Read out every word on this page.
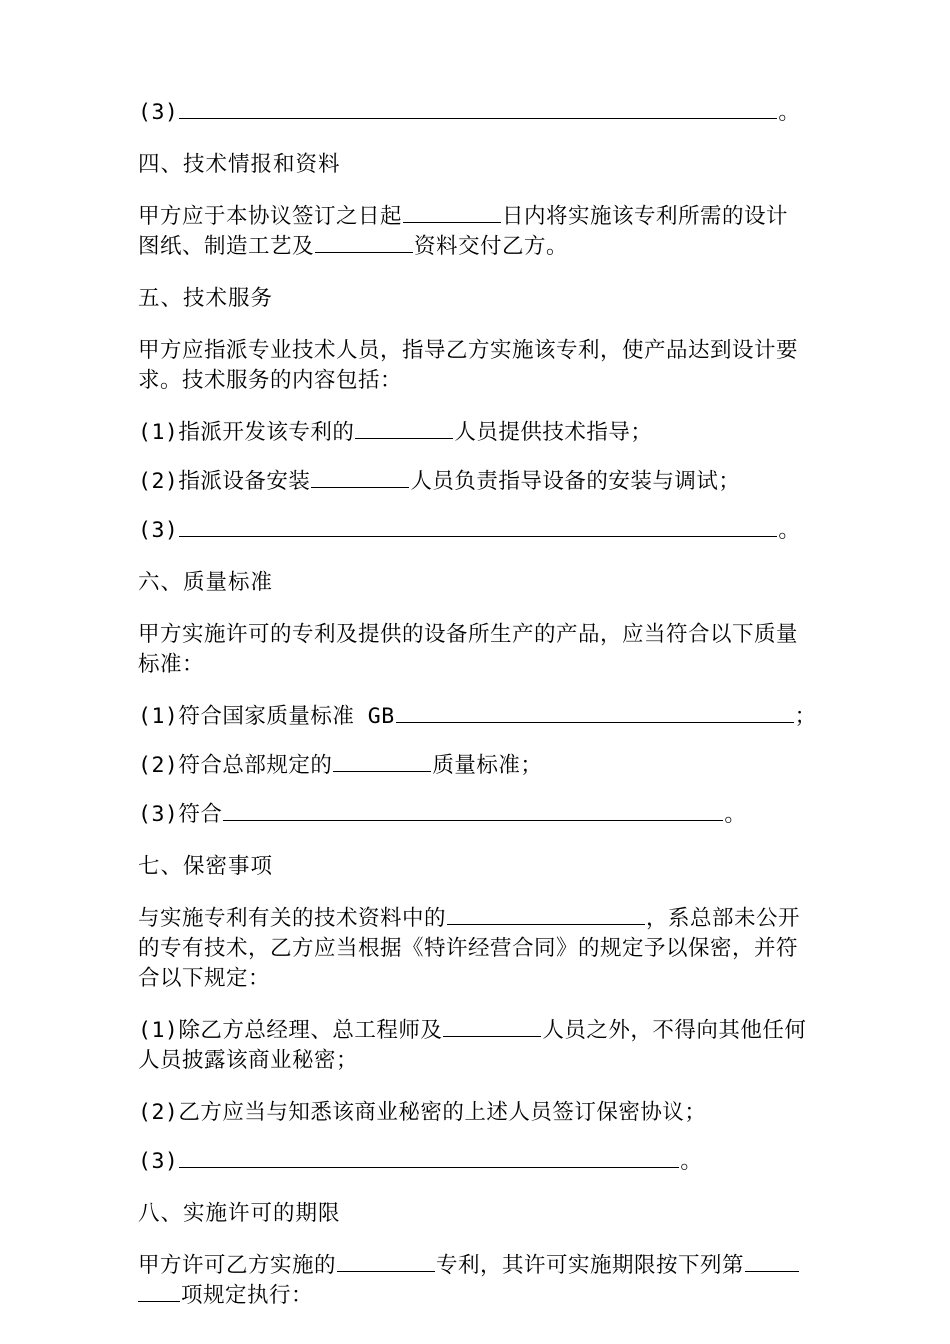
(3)	。

四、技术情报和资料

甲方应于本协议签订之日起	日内将实施该专利所需的设计

图纸、制造工艺及	资料交付乙方。

五、技术服务

甲方应指派专业技术人员，指导乙方实施该专利，使产品达到设计要

求。技术服务的内容包括：

(1)指派开发该专利的	人员提供技术指导；

(2)指派设备安装	人员负责指导设备的安装与调试；

(3)	。

六、质量标准

甲方实施许可的专利及提供的设备所生产的产品，应当符合以下质量

标准：

(1)符合国家质量标准 GB	；

(2)符合总部规定的	质量标准；

(3)符合	。

七、保密事项

与实施专利有关的技术资料中的	，系总部未公开

的专有技术，乙方应当根据《特许经营合同》的规定予以保密，并符

合以下规定：

(1)除乙方总经理、总工程师及	人员之外，不得向其他任何

人员披露该商业秘密；

(2)乙方应当与知悉该商业秘密的上述人员签订保密协议；

(3)	。

八、实施许可的期限

甲方许可乙方实施的	专利，其许可实施期限按下列第

项规定执行：
